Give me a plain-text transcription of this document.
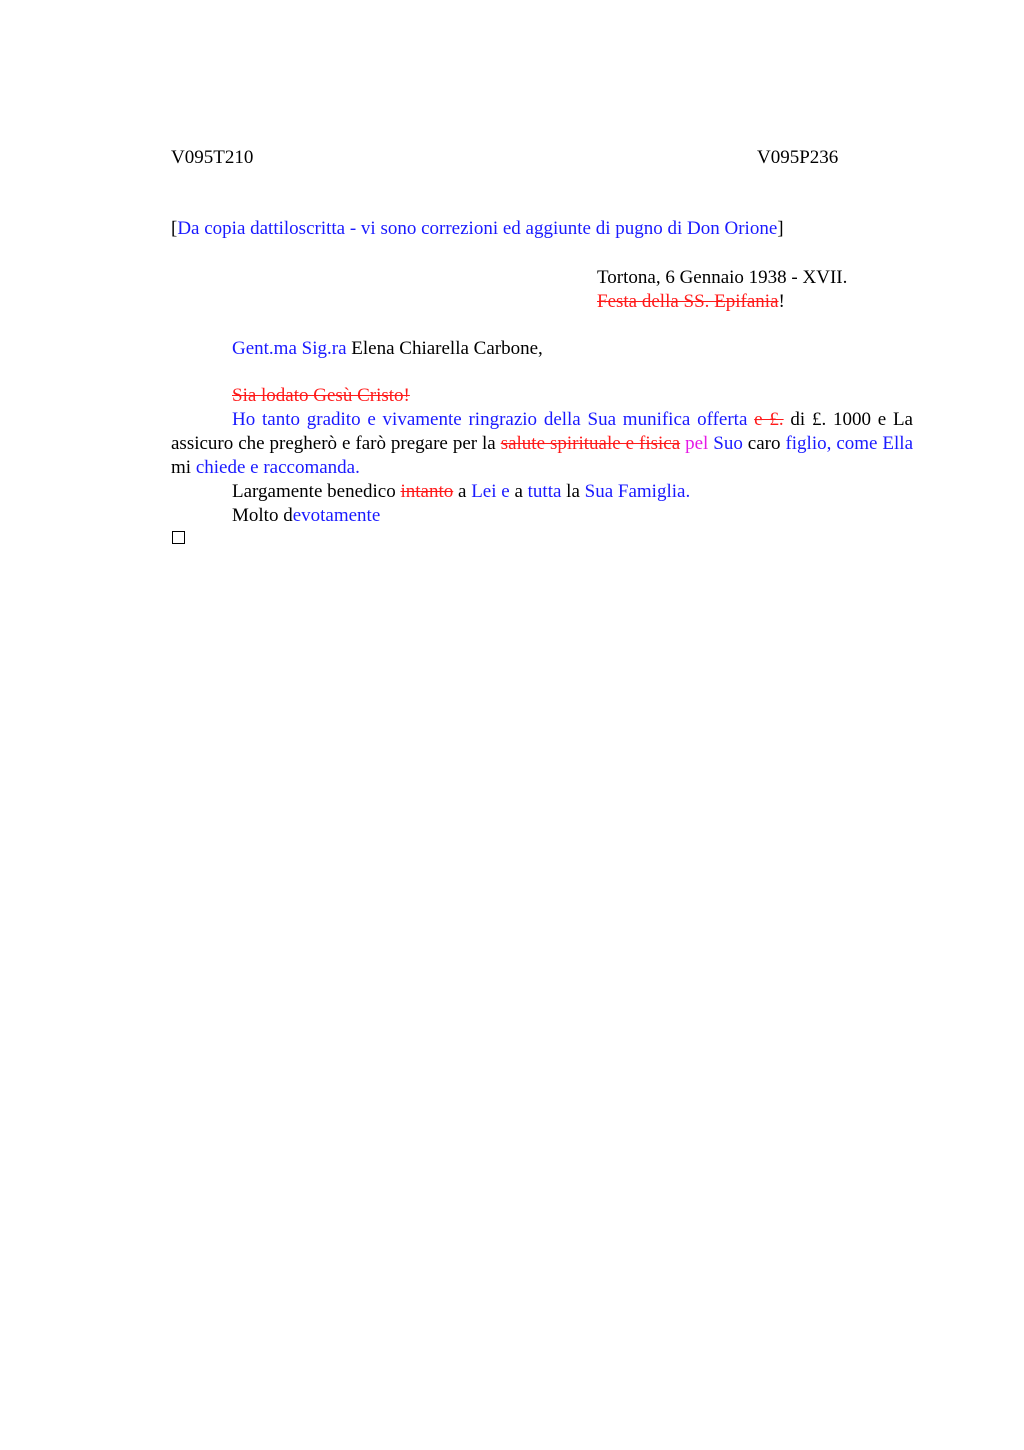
V095T210	V095P236
[Da copia dattiloscritta - vi sono correzioni ed aggiunte di pugno di Don Orione]
Tortona, 6 Gennaio 1938 - XVII.
Festa della SS. Epifania!
Gent.ma Sig.ra Elena Chiarella Carbone,
Sia lodato Gesù Cristo!

Ho tanto gradito e vivamente ringrazio della Sua munifica offerta e £. di £. 1000 e La assicuro che pregherò e farò pregare per la salute spirituale e fisica pel Suo caro figlio, come Ella mi chiede e raccomanda.

Largamente benedico intanto a Lei e a tutta la Sua Famiglia.

Molto devotamente
